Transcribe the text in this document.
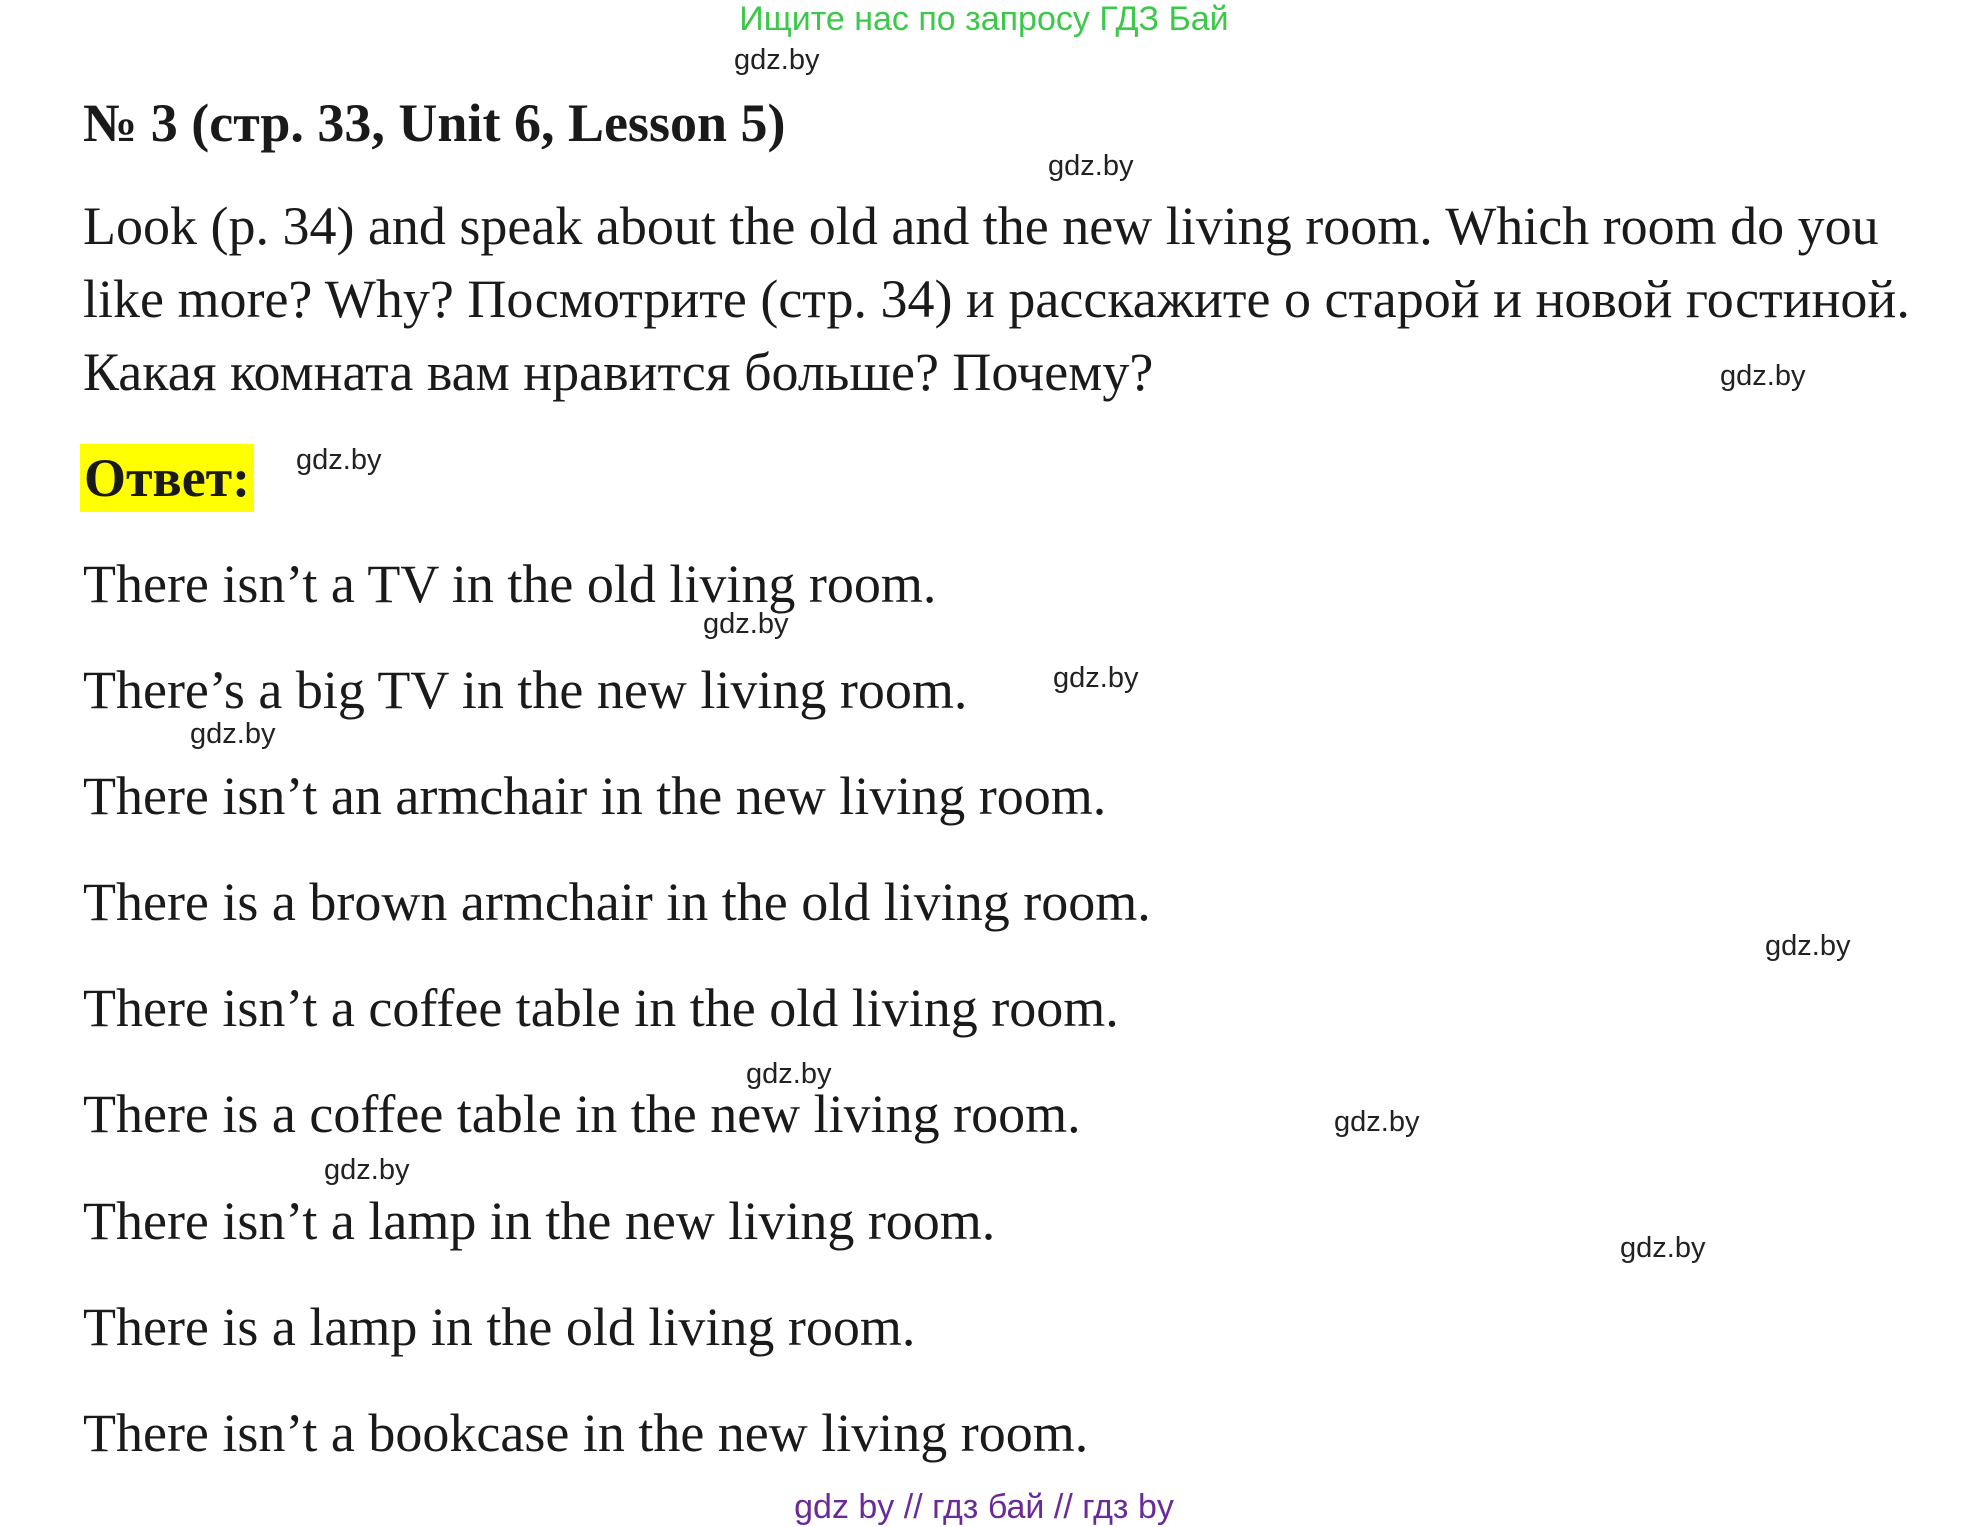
Ищите нас по запросу ГДЗ Бай
gdz.by
№ 3 (стр. 33, Unit 6, Lesson 5)
gdz.by
Look (p. 34) and speak about the old and the new living room. Which room do you like more? Why? Посмотрите (стр. 34) и расскажите о старой и новой гостиной. Какая комната вам нравится больше? Почему?	gdz.by
Ответ: gdz.by
There isn’t a TV in the old living room.
gdz.by
There’s a big TV in the new living room.	gdz.by
gdz.by
There isn’t an armchair in the new living room.
There is a brown armchair in the old living room.
gdz.by
There isn’t a coffee table in the old living room.
gdz.by
There is a coffee table in the new living room.	gdz.by
gdz.by
There isn’t a lamp in the new living room.	gdz.by
There is a lamp in the old living room.
There isn’t a bookcase in the new living room.
gdz by // гдз бай // гдз by
